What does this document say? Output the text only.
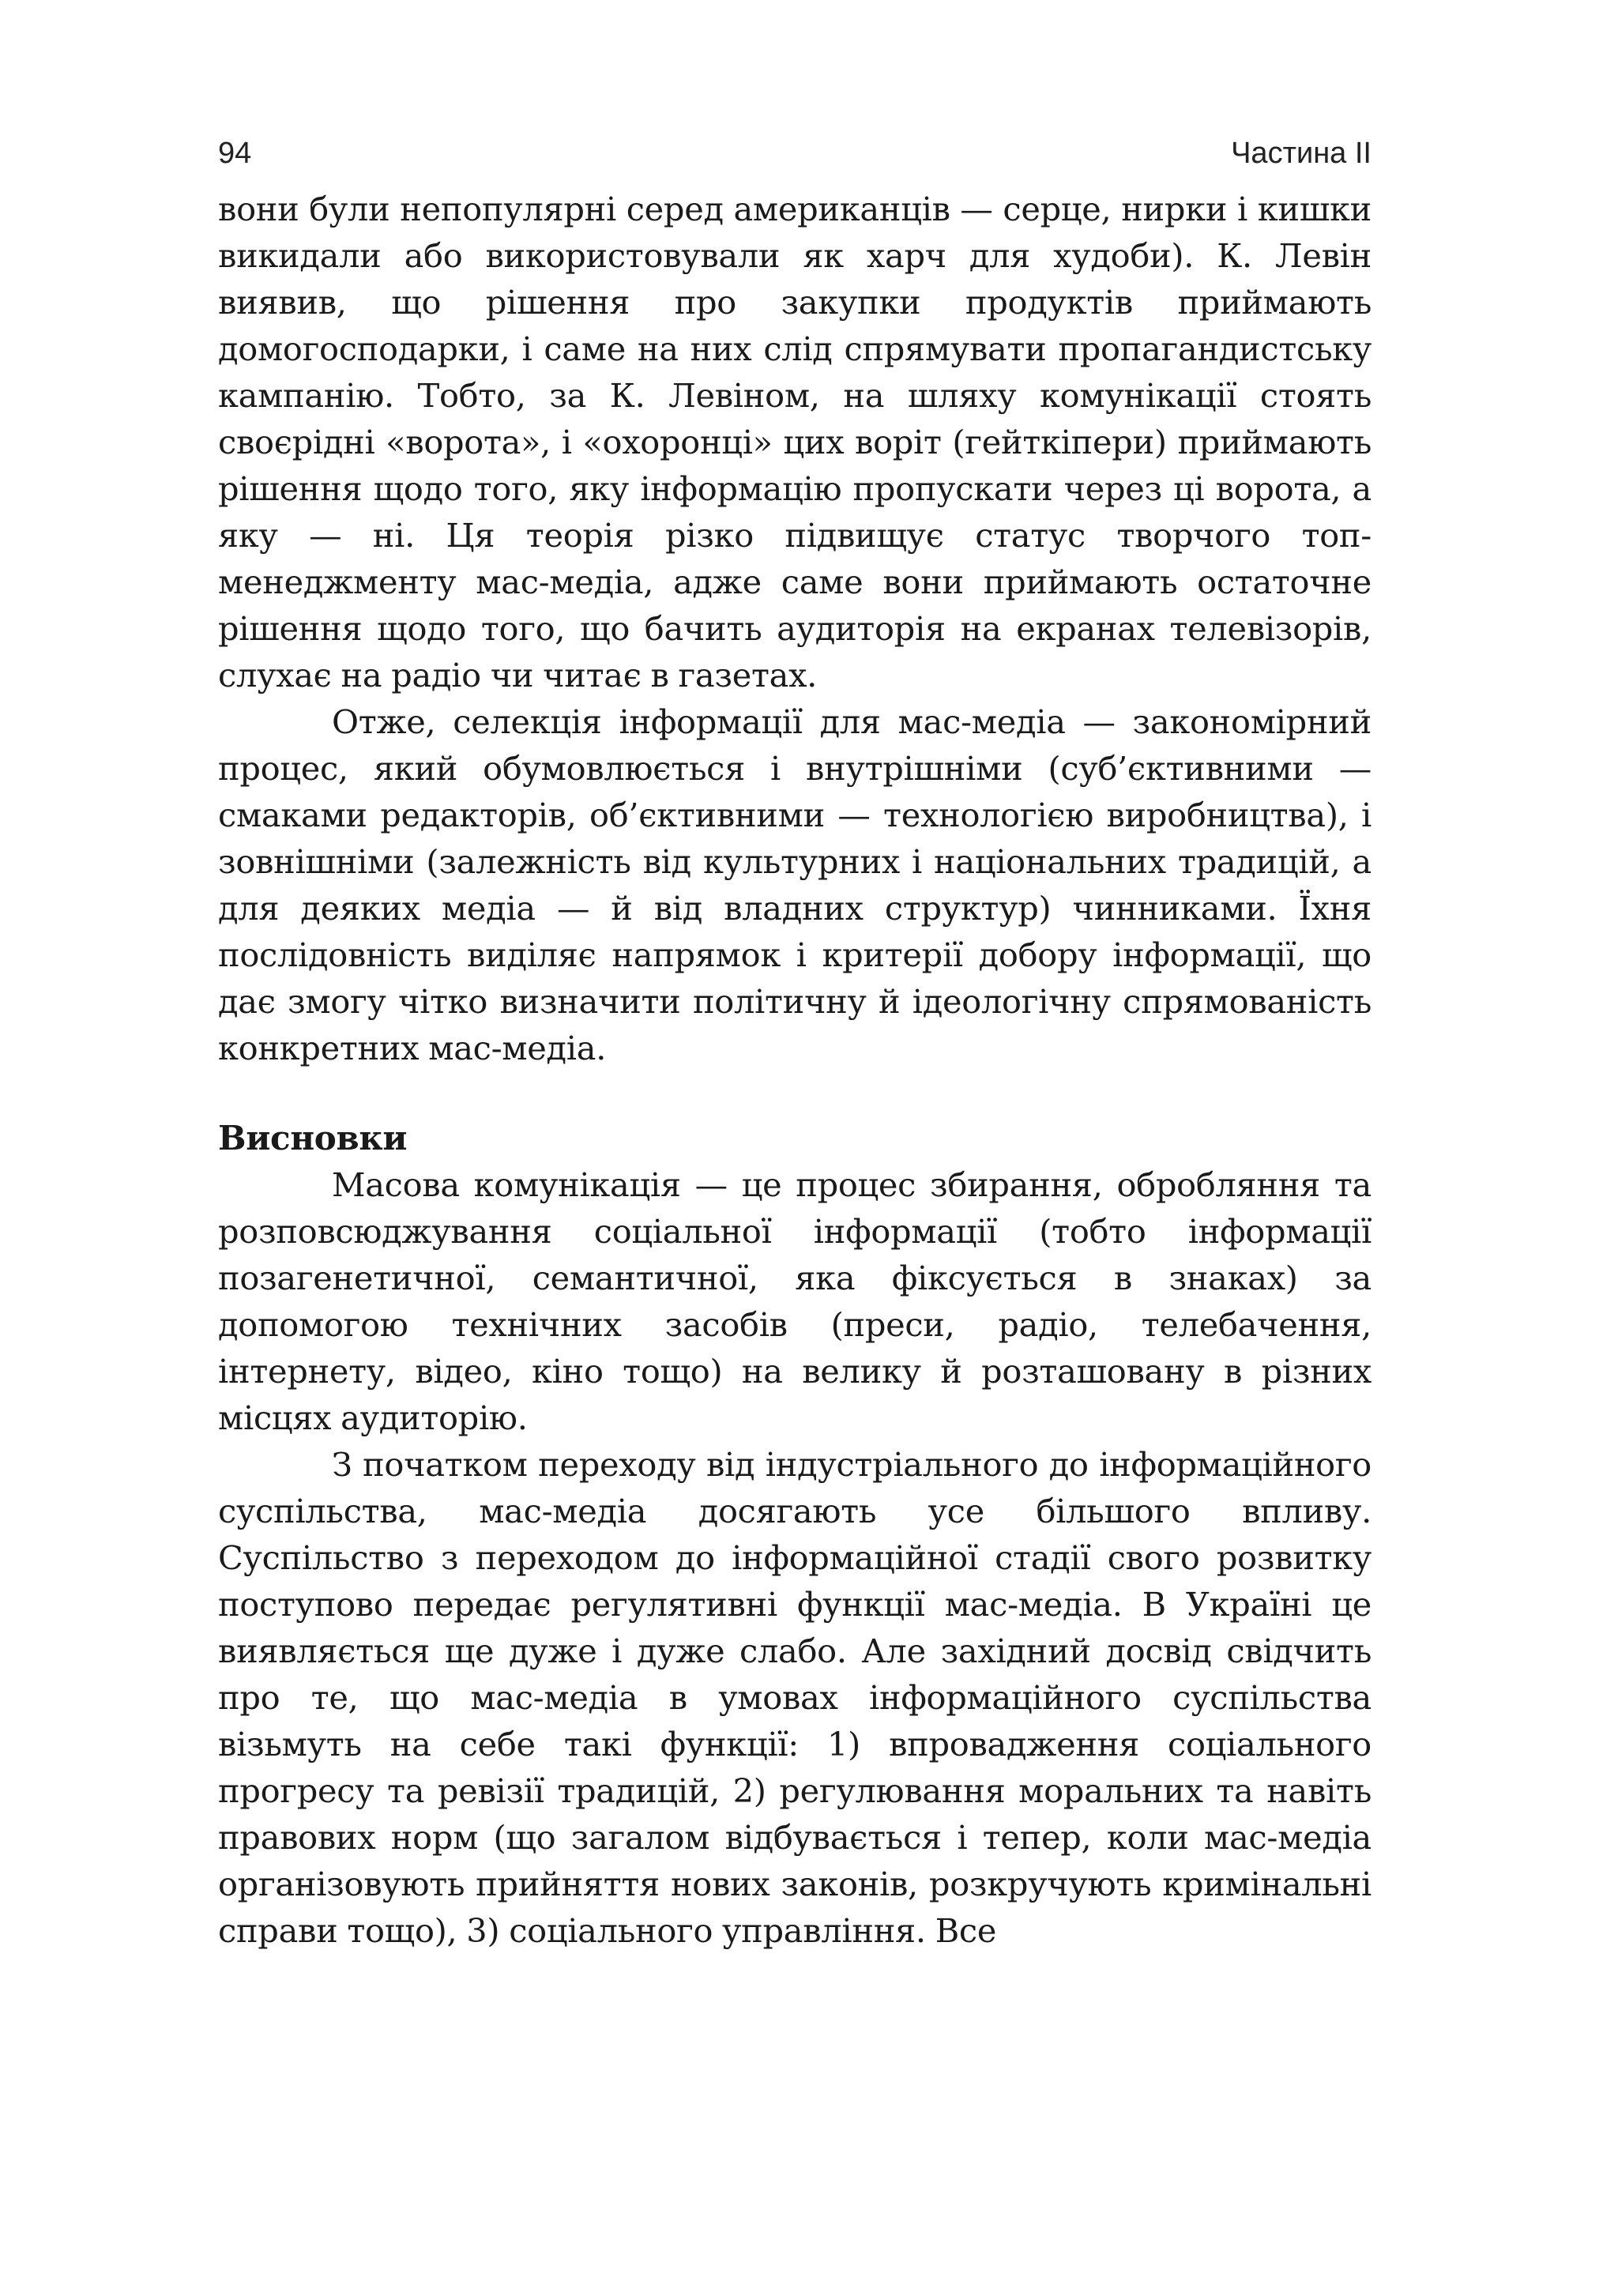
94	Частина ІІ

вони були непопулярні серед американців — серце, нирки і кишки викидали або використовували як харч для худоби). К. Левін виявив, що рішення про закупки продуктів приймають домогосподарки, і саме на них слід спрямувати пропагандистську кампанію. Тобто, за К. Левіном, на шляху комунікації стоять своєрідні «ворота», і «охоронці» цих воріт (гейткіпери) приймають рішення щодо того, яку інформацію пропускати через ці ворота, а яку — ні. Ця теорія різко підвищує статус творчого топ-менеджменту мас-медіа, адже саме вони приймають остаточне рішення щодо того, що бачить аудиторія на екранах телевізорів, слухає на радіо чи читає в газетах.

Отже, селекція інформації для мас-медіа — закономірний процес, який обумовлюється і внутрішніми (суб’єктивними — смаками редакторів, об’єктивними — технологією виробництва), і зовнішніми (залежність від культурних і національних традицій, а для деяких медіа — й від владних структур) чинниками. Їхня послідовність виділяє напрямок і критерії добору інформації, що дає змогу чітко визначити політичну й ідеологічну спрямованість конкретних мас-медіа.

Висновки

Масова комунікація — це процес збирання, обробляння та розповсюджування соціальної інформації (тобто інформації позагенетичної, семантичної, яка фіксується в знаках) за допомогою технічних засобів (преси, радіо, телебачення, інтернету, відео, кіно тощо) на велику й розташовану в різних місцях аудиторію.

З початком переходу від індустріального до інформаційного суспільства, мас-медіа досягають усе більшого впливу. Суспільство з переходом до інформаційної стадії свого розвитку поступово передає регулятивні функції мас-медіа. В Україні це виявляється ще дуже і дуже слабо. Але західний досвід свідчить про те, що мас-медіа в умовах інформаційного суспільства візьмуть на себе такі функції: 1) впровадження соціального прогресу та ревізії традицій, 2) регулювання моральних та навіть правових норм (що загалом відбувається і тепер, коли мас-медіа організовують прийняття нових законів, розкручують кримінальні справи тощо), 3) соціального управління. Все
